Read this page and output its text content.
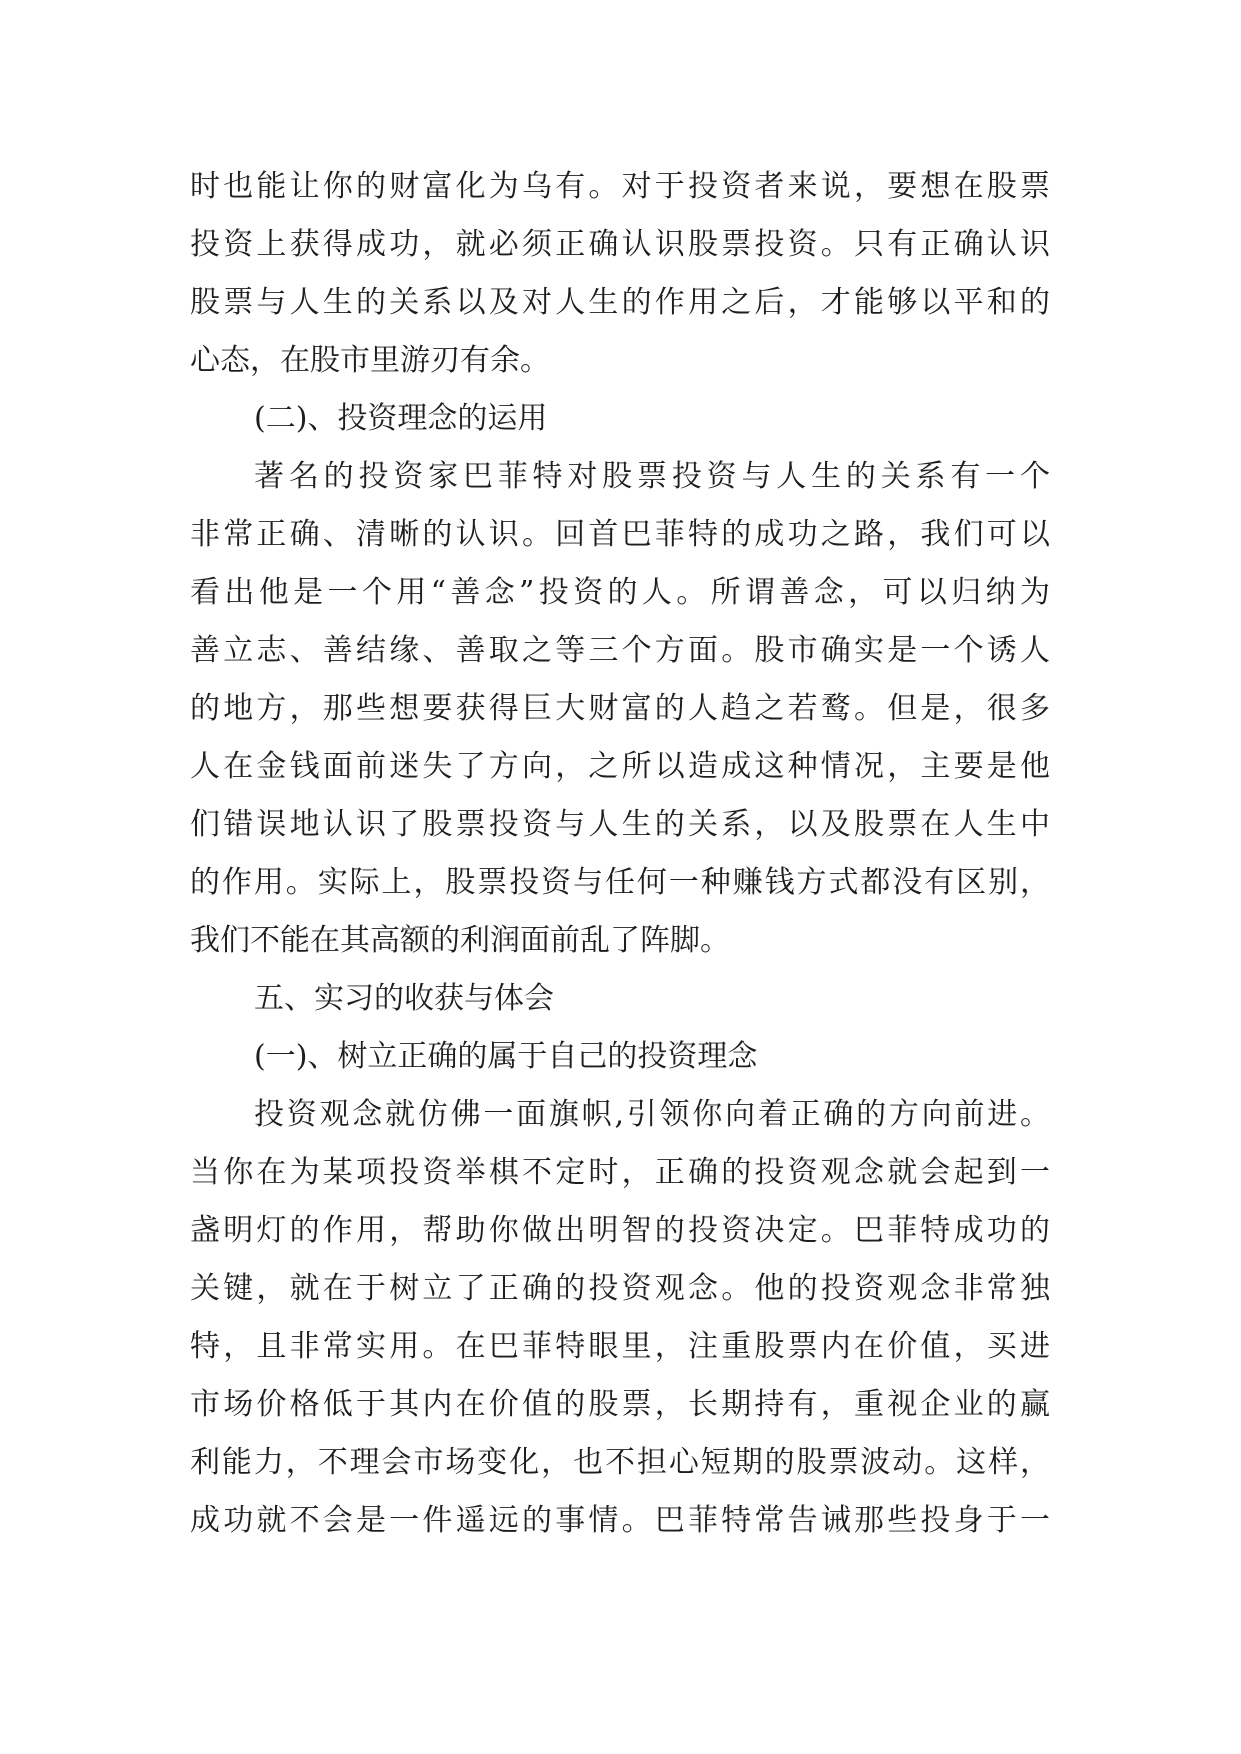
时也能让你的财富化为乌有。对于投资者来说，要想在股票
投资上获得成功，就必须正确认识股票投资。只有正确认识
股票与人生的关系以及对人生的作用之后，才能够以平和的
心态，在股市里游刃有余。
(二)、投资理念的运用
著名的投资家巴菲特对股票投资与人生的关系有一个
非常正确、清晰的认识。回首巴菲特的成功之路，我们可以
看出他是一个用“善念”投资的人。所谓善念，可以归纳为
善立志、善结缘、善取之等三个方面。股市确实是一个诱人
的地方，那些想要获得巨大财富的人趋之若鹜。但是，很多
人在金钱面前迷失了方向，之所以造成这种情况，主要是他
们错误地认识了股票投资与人生的关系，以及股票在人生中
的作用。实际上，股票投资与任何一种赚钱方式都没有区别，
我们不能在其高额的利润面前乱了阵脚。
五、实习的收获与体会
(一)、树立正确的属于自己的投资理念
投资观念就仿佛一面旗帜,引领你向着正确的方向前进。
当你在为某项投资举棋不定时，正确的投资观念就会起到一
盏明灯的作用，帮助你做出明智的投资决定。巴菲特成功的
关键，就在于树立了正确的投资观念。他的投资观念非常独
特，且非常实用。在巴菲特眼里，注重股票内在价值，买进
市场价格低于其内在价值的股票，长期持有，重视企业的赢
利能力，不理会市场变化，也不担心短期的股票波动。这样，
成功就不会是一件遥远的事情。巴菲特常告诫那些投身于一
